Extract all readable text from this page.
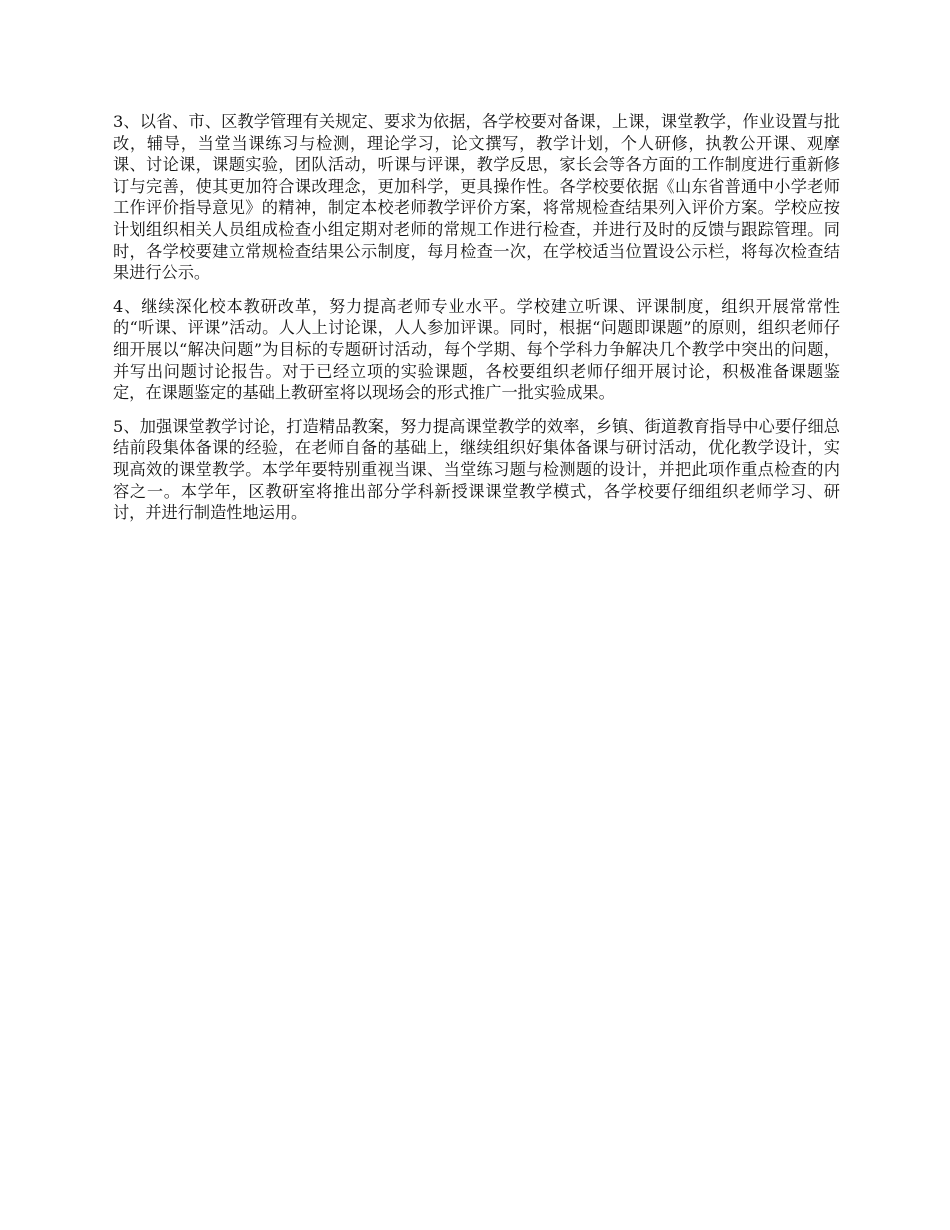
3、以省、市、区教学管理有关规定、要求为依据，各学校要对备课，上课，课堂教学，作业设置与批改，辅导，当堂当课练习与检测，理论学习，论文撰写，教学计划，个人研修，执教公开课、观摩课、讨论课，课题实验，团队活动，听课与评课，教学反思，家长会等各方面的工作制度进行重新修订与完善，使其更加符合课改理念，更加科学，更具操作性。各学校要依据《山东省普通中小学老师工作评价指导意见》的精神，制定本校老师教学评价方案，将常规检查结果列入评价方案。学校应按计划组织相关人员组成检查小组定期对老师的常规工作进行检查，并进行及时的反馈与跟踪管理。同时，各学校要建立常规检查结果公示制度，每月检查一次，在学校适当位置设公示栏，将每次检查结果进行公示。

4、继续深化校本教研改革，努力提高老师专业水平。学校建立听课、评课制度，组织开展常常性的“听课、评课”活动。人人上讨论课，人人参加评课。同时，根据“问题即课题”的原则，组织老师仔细开展以“解决问题”为目标的专题研讨活动，每个学期、每个学科力争解决几个教学中突出的问题，并写出问题讨论报告。对于已经立项的实验课题，各校要组织老师仔细开展讨论，积极准备课题鉴定，在课题鉴定的基础上教研室将以现场会的形式推广一批实验成果。

5、加强课堂教学讨论，打造精品教案，努力提高课堂教学的效率，乡镇、街道教育指导中心要仔细总结前段集体备课的经验，在老师自备的基础上，继续组织好集体备课与研讨活动，优化教学设计，实现高效的课堂教学。本学年要特别重视当课、当堂练习题与检测题的设计，并把此项作重点检查的内容之一。本学年，区教研室将推出部分学科新授课课堂教学模式，各学校要仔细组织老师学习、研讨，并进行制造性地运用。
